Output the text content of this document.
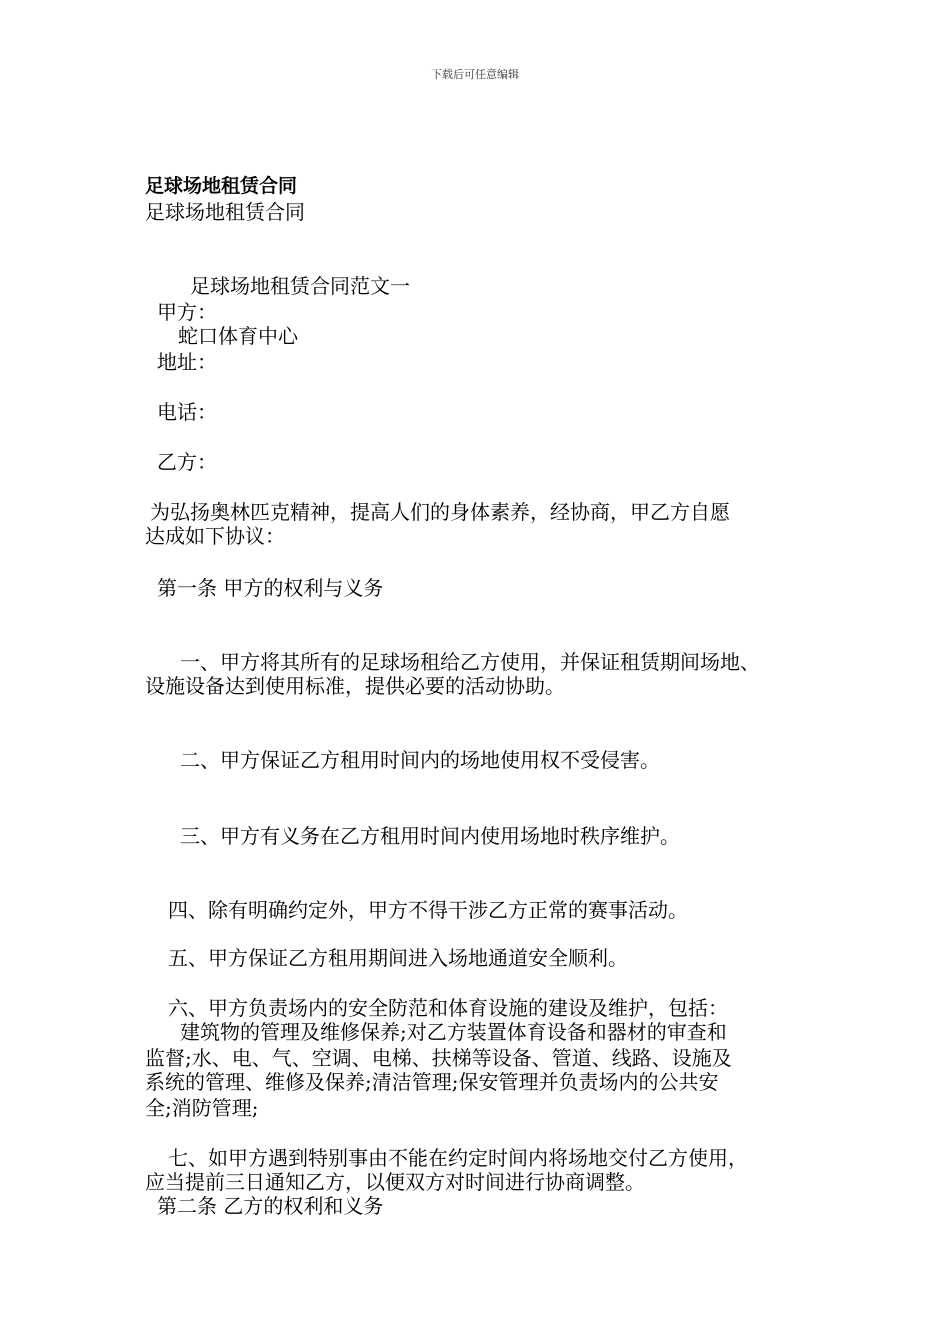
下载后可任意编辑
足球场地租赁合同
足球场地租赁合同
足球场地租赁合同范文一
甲方：
蛇口体育中心
地址：
电话：
乙方：
为弘扬奥林匹克精神，提高人们的身体素养，经协商，甲乙方自愿
达成如下协议：
第一条 甲方的权利与义务
一、甲方将其所有的足球场租给乙方使用，并保证租赁期间场地、
设施设备达到使用标准，提供必要的活动协助。
二、甲方保证乙方租用时间内的场地使用权不受侵害。
三、甲方有义务在乙方租用时间内使用场地时秩序维护。
四、除有明确约定外，甲方不得干涉乙方正常的赛事活动。
五、甲方保证乙方租用期间进入场地通道安全顺利。
六、甲方负责场内的安全防范和体育设施的建设及维护，包括：
建筑物的管理及维修保养;对乙方装置体育设备和器材的审查和
监督;水、电、气、空调、电梯、扶梯等设备、管道、线路、设施及
系统的管理、维修及保养;清洁管理;保安管理并负责场内的公共安
全;消防管理;
七、如甲方遇到特别事由不能在约定时间内将场地交付乙方使用，
应当提前三日通知乙方，以便双方对时间进行协商调整。
第二条 乙方的权利和义务
